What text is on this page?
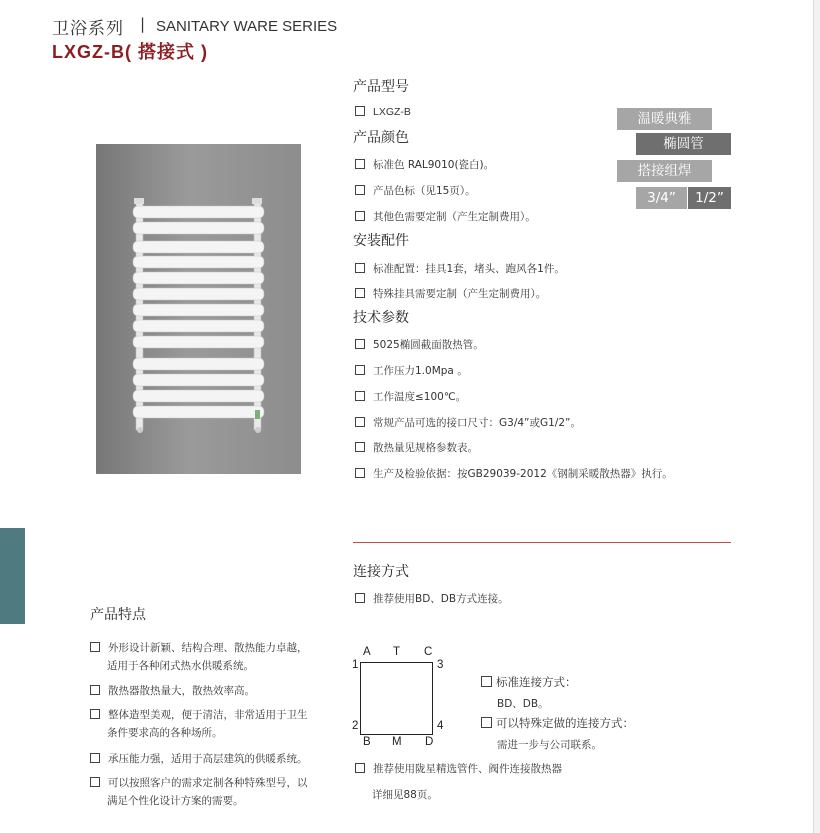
卫浴系列 | SANITARY WARE SERIES
LXGZ-B( 搭接式 )
产品型号
LXGZ-B
产品颜色
标准色 RAL9010(瓷白)。
产品色标（见15页）。
其他色需要定制（产生定制费用）。
安装配件
标准配置：挂具1套，堵头、跑风各1件。
特殊挂具需要定制（产生定制费用）。
技术参数
5025椭圆截面散热管。
工作压力1.0Mpa 。
工作温度≤100℃。
常规产品可选的接口尺寸：G3/4”或G1/2”。
散热量见规格参数表。
生产及检验依据：按GB29039-2012《钢制采暖散热器》执行。
温暖典雅
椭圆管
搭接组焊
3/4”	1/2”
连接方式
推荐使用BD、DB方式连接。
A T C
1
2
3
4
B M D
标准连接方式：
BD、DB。
可以特殊定做的连接方式：
需进一步与公司联系。
推荐使用陇星精选管件、阀件连接散热器
详细见88页。
产品特点
外形设计新颖、结构合理、散热能力卓越，
适用于各种闭式热水供暖系统。
散热器散热量大，散热效率高。
整体造型美观，便于清洁，非常适用于卫生
条件要求高的各种场所。
承压能力强，适用于高层建筑的供暖系统。
可以按照客户的需求定制各种特殊型号，以
满足个性化设计方案的需要。
